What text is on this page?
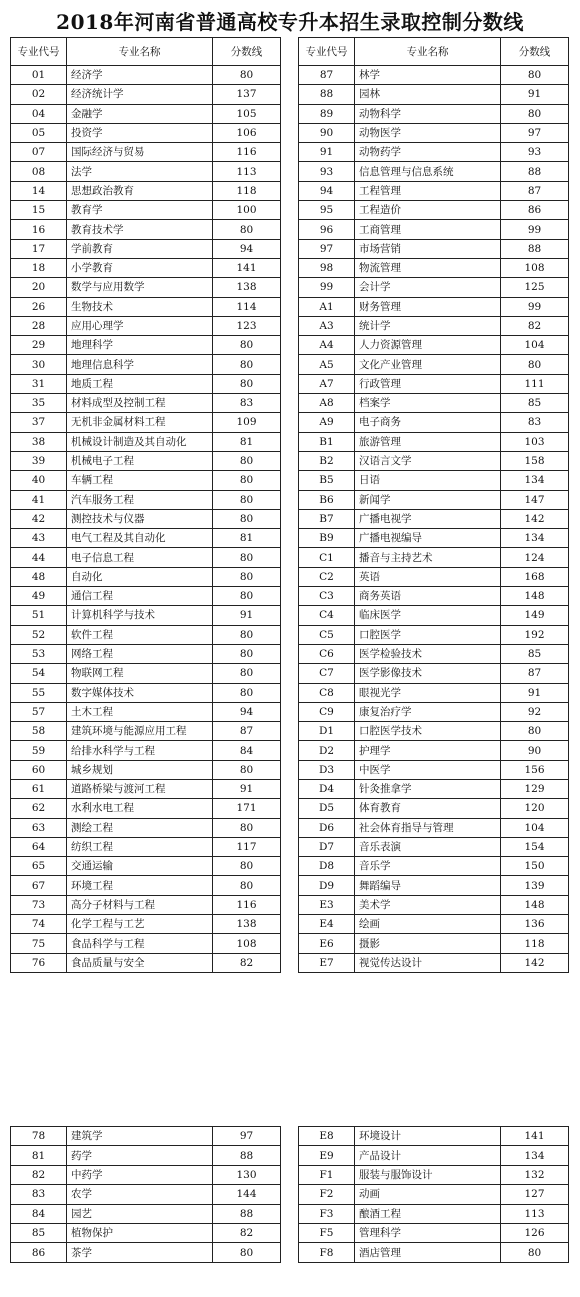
2018年河南省普通高校专升本招生录取控制分数线
专业代号	专业名称	分数线
01	经济学	80
02	经济统计学	137
04	金融学	105
05	投资学	106
07	国际经济与贸易	116
08	法学	113
14	思想政治教育	118
15	教育学	100
16	教育技术学	80
17	学前教育	94
18	小学教育	141
20	数学与应用数学	138
26	生物技术	114
28	应用心理学	123
29	地理科学	80
30	地理信息科学	80
31	地质工程	80
35	材料成型及控制工程	83
37	无机非金属材料工程	109
38	机械设计制造及其自动化	81
39	机械电子工程	80
40	车辆工程	80
41	汽车服务工程	80
42	测控技术与仪器	80
43	电气工程及其自动化	81
44	电子信息工程	80
48	自动化	80
49	通信工程	80
51	计算机科学与技术	91
52	软件工程	80
53	网络工程	80
54	物联网工程	80
55	数字媒体技术	80
57	土木工程	94
58	建筑环境与能源应用工程	87
59	给排水科学与工程	84
60	城乡规划	80
61	道路桥梁与渡河工程	91
62	水利水电工程	171
63	测绘工程	80
64	纺织工程	117
65	交通运输	80
67	环境工程	80
73	高分子材料与工程	116
74	化学工程与工艺	138
75	食品科学与工程	108
76	食品质量与安全	82
专业代号	专业名称	分数线
87	林学	80
88	园林	91
89	动物科学	80
90	动物医学	97
91	动物药学	93
93	信息管理与信息系统	88
94	工程管理	87
95	工程造价	86
96	工商管理	99
97	市场营销	88
98	物流管理	108
99	会计学	125
A1	财务管理	99
A3	统计学	82
A4	人力资源管理	104
A5	文化产业管理	80
A7	行政管理	111
A8	档案学	85
A9	电子商务	83
B1	旅游管理	103
B2	汉语言文学	158
B5	日语	134
B6	新闻学	147
B7	广播电视学	142
B9	广播电视编导	134
C1	播音与主持艺术	124
C2	英语	168
C3	商务英语	148
C4	临床医学	149
C5	口腔医学	192
C6	医学检验技术	85
C7	医学影像技术	87
C8	眼视光学	91
C9	康复治疗学	92
D1	口腔医学技术	80
D2	护理学	90
D3	中医学	156
D4	针灸推拿学	129
D5	体育教育	120
D6	社会体育指导与管理	104
D7	音乐表演	154
D8	音乐学	150
D9	舞蹈编导	139
E3	美术学	148
E4	绘画	136
E6	摄影	118
E7	视觉传达设计	142
78	建筑学	97
81	药学	88
82	中药学	130
83	农学	144
84	园艺	88
85	植物保护	82
86	茶学	80
E8	环境设计	141
E9	产品设计	134
F1	服装与服饰设计	132
F2	动画	127
F3	酿酒工程	113
F5	管理科学	126
F8	酒店管理	80
